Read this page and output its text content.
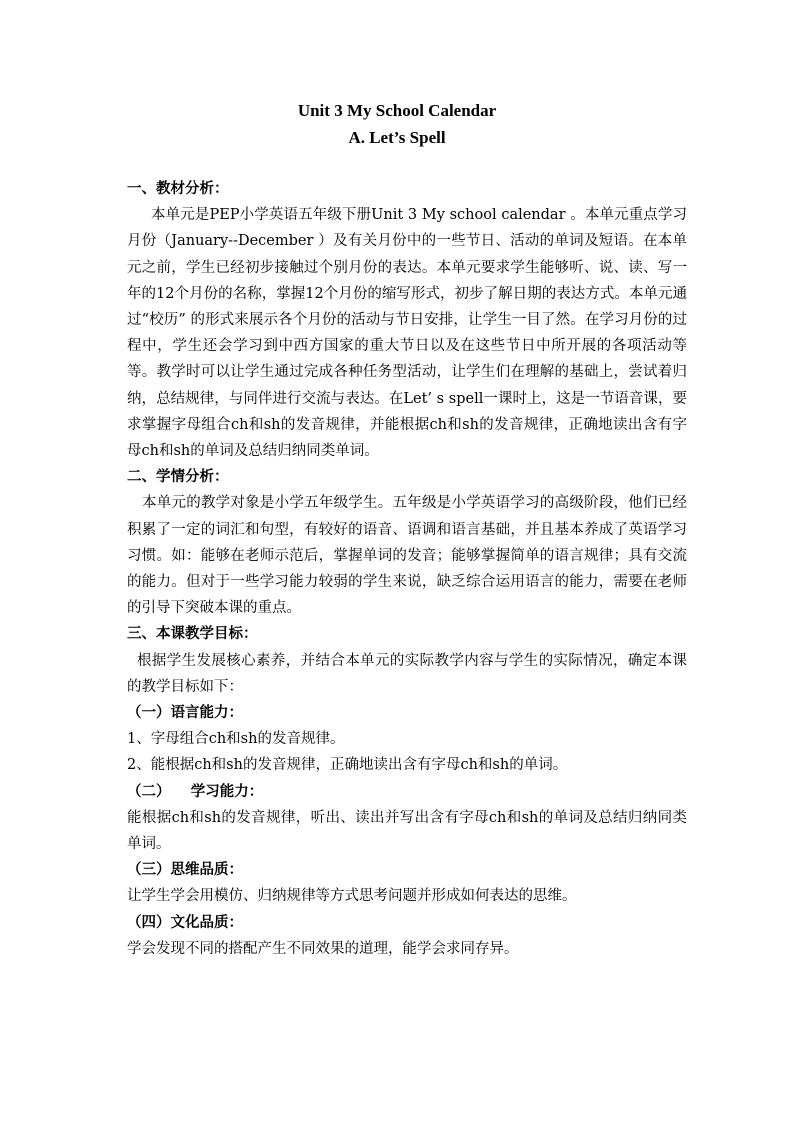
Unit 3 My School Calendar
A. Let’s Spell

一、教材分析：

本单元是PEP小学英语五年级下册Unit 3 My school calendar 。本单元重点学习月份（January--December ）及有关月份中的一些节日、活动的单词及短语。在本单元之前，学生已经初步接触过个别月份的表达。本单元要求学生能够听、说、读、写一年的12个月份的名称，掌握12个月份的缩写形式，初步了解日期的表达方式。本单元通过“校历” 的形式来展示各个月份的活动与节日安排，让学生一目了然。在学习月份的过程中，学生还会学习到中西方国家的重大节日以及在这些节日中所开展的各项活动等等。教学时可以让学生通过完成各种任务型活动，让学生们在理解的基础上，尝试着归纳，总结规律，与同伴进行交流与表达。在Let’ s spell一课时上，这是一节语音课，要求掌握字母组合ch和sh的发音规律，并能根据ch和sh的发音规律，正确地读出含有字母ch和sh的单词及总结归纳同类单词。

二、学情分析：

本单元的教学对象是小学五年级学生。五年级是小学英语学习的高级阶段，他们已经积累了一定的词汇和句型，有较好的语音、语调和语言基础，并且基本养成了英语学习习惯。如：能够在老师示范后，掌握单词的发音；能够掌握简单的语言规律；具有交流的能力。但对于一些学习能力较弱的学生来说，缺乏综合运用语言的能力，需要在老师的引导下突破本课的重点。

三、本课教学目标：

根据学生发展核心素养，并结合本单元的实际教学内容与学生的实际情况，确定本课的教学目标如下：

（一）语言能力：

1、字母组合ch和sh的发音规律。

2、能根据ch和sh的发音规律，正确地读出含有字母ch和sh的单词。

（二）    学习能力：

能根据ch和sh的发音规律，听出、读出并写出含有字母ch和sh的单词及总结归纳同类单词。

（三）思维品质：

让学生学会用模仿、归纳规律等方式思考问题并形成如何表达的思维。

（四）文化品质：

学会发现不同的搭配产生不同效果的道理，能学会求同存异。
